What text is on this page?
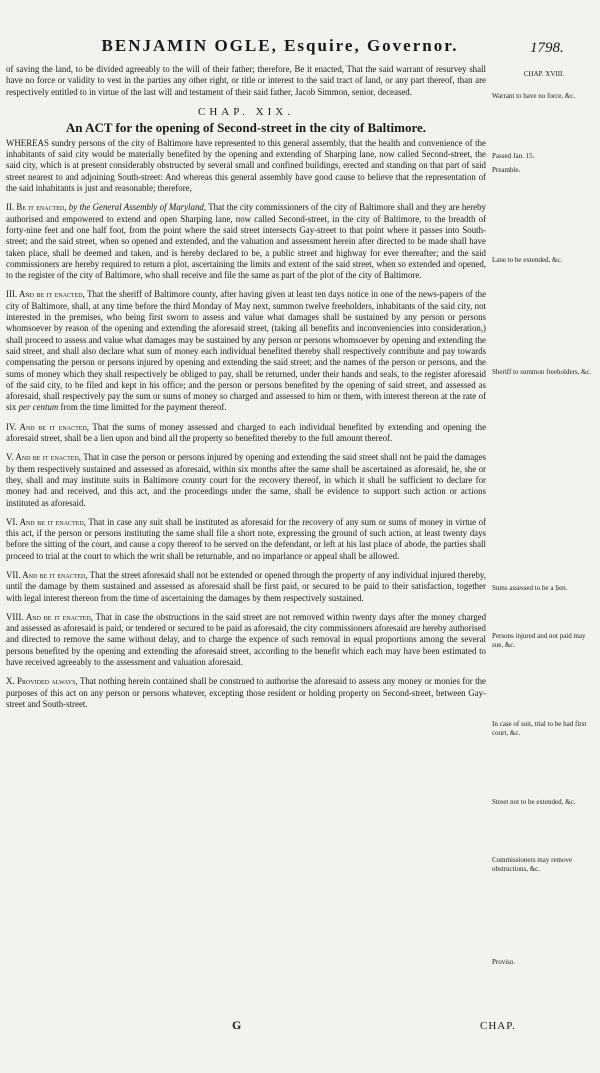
BENJAMIN OGLE, Esquire, Governor.	1798.

of saving the land, to be divided agreeably to the will of their father; therefore, Be it enacted, That the said warrant of resurvey shall have no force or validity to vest in the parties any other right, or title or interest to the said tract of land, or any part thereof, than are respectively entitled to in virtue of the last will and testament of their said father, Jacob Simmon, senior, deceased.

CHAP. XIX.
An ACT for the opening of Second-street in the city of Baltimore.

WHEREAS sundry persons of the city of Baltimore have represented to this general assembly, that the health and convenience of the inhabitants of said city would be materially benefited by the opening and extending of Sharping lane, now called Second-street, the said city, which is at present considerably obstructed by several small and confined buildings, erected and standing on that part of said street nearest to and adjoining South-street: And whereas this general assembly have good cause to believe that the representation of the said inhabitants is just and reasonable; therefore,

II. Be it enacted, by the General Assembly of Maryland, That the city commissioners of the city of Baltimore shall and they are hereby authorised and empowered to extend and open Sharping lane, now called Second-street, in the city of Baltimore, to the breadth of forty-nine feet and one half foot, from the point where the said street intersects Gay-street to that point where it passes into South-street; and the said street, when so opened and extended, and the valuation and assessment herein after directed to be made shall have taken place, shall be deemed and taken, and is hereby declared to be, a public street and highway for ever thereafter; and the said commissioners are hereby required to return a plot, ascertaining the limits and extent of the said street, when so extended and opened, to the register of the city of Baltimore, who shall receive and file the same as part of the plot of the city of Baltimore.

III. And be it enacted, That the sheriff of Baltimore county, after having given at least ten days notice in one of the news-papers of the city of Baltimore, shall, at any time before the third Monday of May next, summon twelve freeholders, inhabitants of the said city, not interested in the premises, who being first sworn to assess and value what damages shall be sustained by any person or persons whomsoever by reason of the opening and extending the aforesaid street, (taking all benefits and inconveniencies into consideration,) shall proceed to assess and value what damages may be sustained by any person or persons whomsoever by opening and extending the said street, and shall also declare what sum of money each individual benefited thereby shall respectively contribute and pay towards compensating the person or persons injured by opening and extending the said street; and the names of the person or persons, and the sums of money which they shall respectively be obliged to pay, shall be returned, under their hands and seals, to the register aforesaid of the said city, to be filed and kept in his office; and the person or persons benefited by the opening of said street, and assessed as aforesaid, shall respectively pay the sum or sums of money so charged and assessed to him or them, with interest thereon at the rate of six per centum from the time limitted for the payment thereof.

IV. And be it enacted, That the sums of money assessed and charged to each individual benefited by extending and opening the aforesaid street, shall be a lien upon and bind all the property so benefited thereby to the full amount thereof.

V. And be it enacted, That in case the person or persons injured by opening and extending the said street shall not be paid the damages by them respectively sustained and assessed as aforesaid, within six months after the same shall be ascertained as aforesaid, he, she or they, shall and may institute suits in Baltimore county court for the recovery thereof, in which it shall be sufficient to declare for money had and received, and this act, and the proceedings under the same, shall be evidence to support such action or actions instituted as aforesaid.

VI. And be it enacted, That in case any suit shall be instituted as aforesaid for the recovery of any sum or sums of money in virtue of this act, if the person or persons instituting the same shall file a short note, expressing the ground of such action, at least twenty days before the sitting of the court, and cause a copy thereof to be served on the defendant, or left at his last place of abode, the parties shall proceed to trial at the court to which the writ shall be returnable, and no imparlance or appeal shall be allowed.

VII. And be it enacted, That the street aforesaid shall not be extended or opened through the property of any individual injured thereby, until the damage by them sustained and assessed as aforesaid shall be first paid, or secured to be paid to their satisfaction, together with legal interest thereon from the time of ascertaining the damages by them respectively sustained.

VIII. And be it enacted, That in case the obstructions in the said street are not removed within twenty days after the money charged and assessed as aforesaid is paid, or tendered or secured to be paid as aforesaid, the city commissioners aforesaid are hereby authorised and directed to remove the same without delay, and to charge the expence of such removal in equal proportions among the several persons benefited by the opening and extending the aforesaid street, according to the benefit which each may have been estimated to have received agreeably to the assessment and valuation aforesaid.

X. Provided always, That nothing herein contained shall be construed to authorise the aforesaid to assess any money or monies for the purposes of this act on any person or persons whatever, excepting those resident or holding property on Second-street, between Gay-street and South-street.

CHAP. XVIII.
Warrant to have no force, &c.
Passed Jan. 15.
Preamble.
Lane to be extended, &c.
Sheriff to summon freeholders, &c.
Sums assessed to be a lien.
Persons injured and not paid may sue, &c.
In case of suit, trial to be had first court, &c.
Street not to be extended, &c.
Commissioners may remove obstructions, &c.
Proviso.
G	CHAP.
